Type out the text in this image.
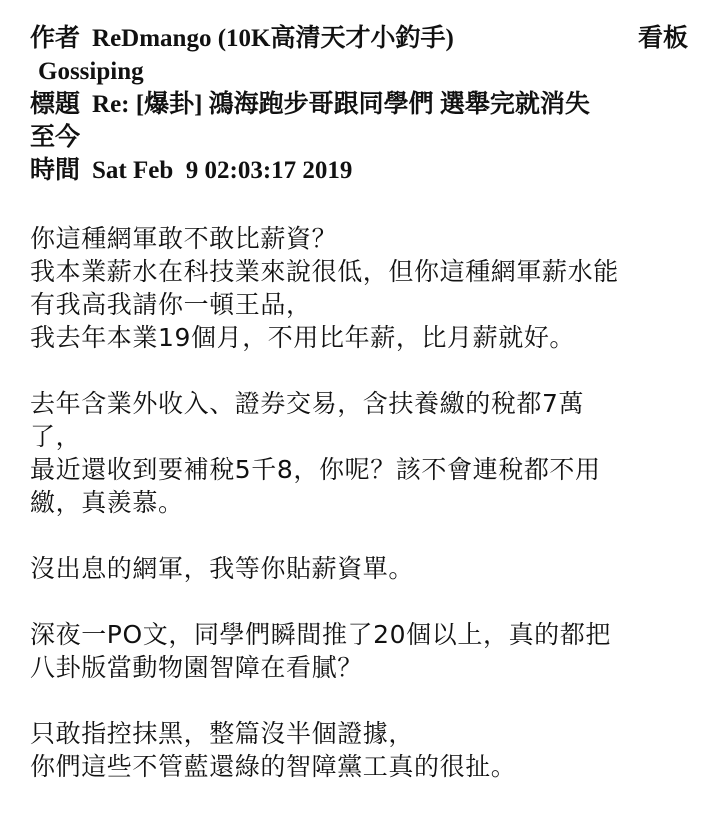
作者 ReDmango (10K高清天才小釣手)	看板
Gossiping
標題 Re: [爆卦] 鴻海跑步哥跟同學們 選舉完就消失
至今
時間 Sat Feb  9 02:03:17 2019
你這種網軍敢不敢比薪資？
我本業薪水在科技業來說很低，但你這種網軍薪水能
有我高我請你一頓王品，
我去年本業19個月，不用比年薪，比月薪就好。
去年含業外收入、證券交易，含扶養繳的稅都7萬
了，
最近還收到要補稅5千8，你呢？該不會連稅都不用
繳，真羨慕。
沒出息的網軍，我等你貼薪資單。
深夜一PO文，同學們瞬間推了20個以上，真的都把
八卦版當動物園智障在看膩？
只敢指控抹黑，整篇沒半個證據，
你們這些不管藍還綠的智障黨工真的很扯。
